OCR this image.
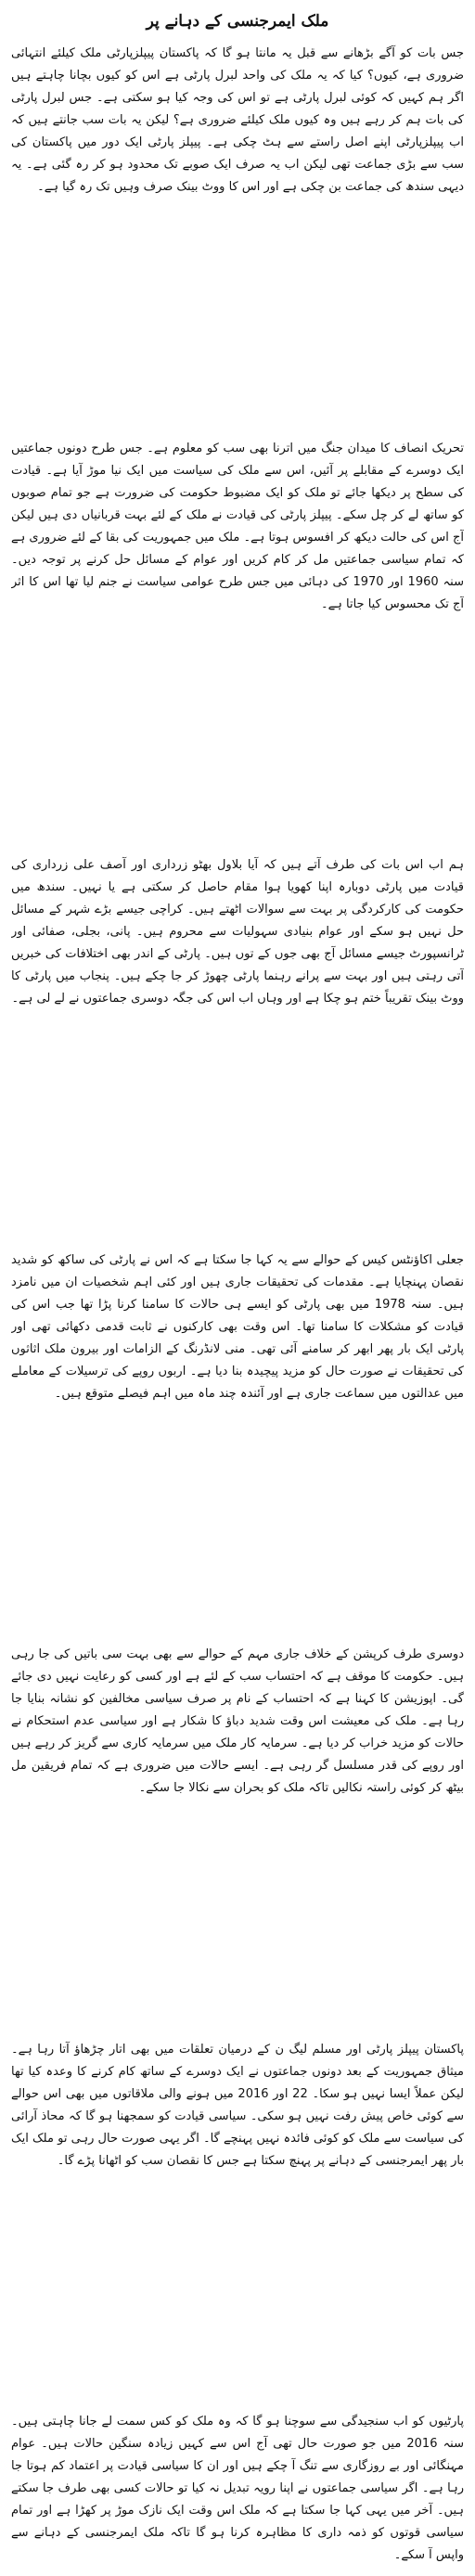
ملک ایمرجنسی کے دہانے پر

جس بات کو آگے بڑھانے سے قبل یہ مانتا ہو گا کہ پاکستان پیپلزپارٹی ملک کیلئے انتہائی ضروری ہے، کیوں؟ کیا کہ یہ ملک کی واحد لبرل پارٹی ہے اس کو کیوں بچانا چاہتے ہیں اگر ہم کہیں کہ کوئی لبرل پارٹی ہے تو اس کی وجہ کیا ہو سکتی ہے۔ جس لبرل پارٹی کی بات ہم کر رہے ہیں وہ کیوں ملک کیلئے ضروری ہے؟ لیکن یہ بات سب جانتے ہیں کہ اب پیپلزپارٹی اپنے اصل راستے سے ہٹ چکی ہے۔ پیپلز پارٹی ایک دور میں پاکستان کی سب سے بڑی جماعت تھی لیکن اب یہ صرف ایک صوبے تک محدود ہو کر رہ گئی ہے۔ یہ دیہی سندھ کی جماعت بن چکی ہے اور اس کا ووٹ بینک صرف وہیں تک رہ گیا ہے۔

تحریک انصاف کا میدان جنگ میں اترنا بھی سب کو معلوم ہے۔ جس طرح دونوں جماعتیں ایک دوسرے کے مقابلے پر آئیں، اس سے ملک کی سیاست میں ایک نیا موڑ آیا ہے۔ قیادت کی سطح پر دیکھا جائے تو ملک کو ایک مضبوط حکومت کی ضرورت ہے جو تمام صوبوں کو ساتھ لے کر چل سکے۔ پیپلز پارٹی کی قیادت نے ملک کے لئے بہت قربانیاں دی ہیں لیکن آج اس کی حالت دیکھ کر افسوس ہوتا ہے۔ ملک میں جمہوریت کی بقا کے لئے ضروری ہے کہ تمام سیاسی جماعتیں مل کر کام کریں اور عوام کے مسائل حل کرنے پر توجہ دیں۔ سنہ 1960 اور 1970 کی دہائی میں جس طرح عوامی سیاست نے جنم لیا تھا اس کا اثر آج تک محسوس کیا جاتا ہے۔

ہم اب اس بات کی طرف آتے ہیں کہ آیا بلاول بھٹو زرداری اور آصف علی زرداری کی قیادت میں پارٹی دوبارہ اپنا کھویا ہوا مقام حاصل کر سکتی ہے یا نہیں۔ سندھ میں حکومت کی کارکردگی پر بہت سے سوالات اٹھتے ہیں۔ کراچی جیسے بڑے شہر کے مسائل حل نہیں ہو سکے اور عوام بنیادی سہولیات سے محروم ہیں۔ پانی، بجلی، صفائی اور ٹرانسپورٹ جیسے مسائل آج بھی جوں کے توں ہیں۔ پارٹی کے اندر بھی اختلافات کی خبریں آتی رہتی ہیں اور بہت سے پرانے رہنما پارٹی چھوڑ کر جا چکے ہیں۔ پنجاب میں پارٹی کا ووٹ بینک تقریباً ختم ہو چکا ہے اور وہاں اب اس کی جگہ دوسری جماعتوں نے لے لی ہے۔

جعلی اکاؤنٹس کیس کے حوالے سے یہ کہا جا سکتا ہے کہ اس نے پارٹی کی ساکھ کو شدید نقصان پہنچایا ہے۔ مقدمات کی تحقیقات جاری ہیں اور کئی اہم شخصیات ان میں نامزد ہیں۔ سنہ 1978 میں بھی پارٹی کو ایسے ہی حالات کا سامنا کرنا پڑا تھا جب اس کی قیادت کو مشکلات کا سامنا تھا۔ اس وقت بھی کارکنوں نے ثابت قدمی دکھائی تھی اور پارٹی ایک بار پھر ابھر کر سامنے آئی تھی۔ منی لانڈرنگ کے الزامات اور بیرون ملک اثاثوں کی تحقیقات نے صورت حال کو مزید پیچیدہ بنا دیا ہے۔ اربوں روپے کی ترسیلات کے معاملے میں عدالتوں میں سماعت جاری ہے اور آئندہ چند ماہ میں اہم فیصلے متوقع ہیں۔

دوسری طرف کرپشن کے خلاف جاری مہم کے حوالے سے بھی بہت سی باتیں کی جا رہی ہیں۔ حکومت کا موقف ہے کہ احتساب سب کے لئے ہے اور کسی کو رعایت نہیں دی جائے گی۔ اپوزیشن کا کہنا ہے کہ احتساب کے نام پر صرف سیاسی مخالفین کو نشانہ بنایا جا رہا ہے۔ ملک کی معیشت اس وقت شدید دباؤ کا شکار ہے اور سیاسی عدم استحکام نے حالات کو مزید خراب کر دیا ہے۔ سرمایہ کار ملک میں سرمایہ کاری سے گریز کر رہے ہیں اور روپے کی قدر مسلسل گر رہی ہے۔ ایسے حالات میں ضروری ہے کہ تمام فریقین مل بیٹھ کر کوئی راستہ نکالیں تاکہ ملک کو بحران سے نکالا جا سکے۔

پاکستان پیپلز پارٹی اور مسلم لیگ ن کے درمیان تعلقات میں بھی اتار چڑھاؤ آتا رہا ہے۔ میثاق جمہوریت کے بعد دونوں جماعتوں نے ایک دوسرے کے ساتھ کام کرنے کا وعدہ کیا تھا لیکن عملاً ایسا نہیں ہو سکا۔ 22 اور 2016 میں ہونے والی ملاقاتوں میں بھی اس حوالے سے کوئی خاص پیش رفت نہیں ہو سکی۔ سیاسی قیادت کو سمجھنا ہو گا کہ محاذ آرائی کی سیاست سے ملک کو کوئی فائدہ نہیں پہنچے گا۔ اگر یہی صورت حال رہی تو ملک ایک بار پھر ایمرجنسی کے دہانے پر پہنچ سکتا ہے جس کا نقصان سب کو اٹھانا پڑے گا۔

پارٹیوں کو اب سنجیدگی سے سوچنا ہو گا کہ وہ ملک کو کس سمت لے جانا چاہتی ہیں۔ سنہ 2016 میں جو صورت حال تھی آج اس سے کہیں زیادہ سنگین حالات ہیں۔ عوام مہنگائی اور بے روزگاری سے تنگ آ چکے ہیں اور ان کا سیاسی قیادت پر اعتماد کم ہوتا جا رہا ہے۔ اگر سیاسی جماعتوں نے اپنا رویہ تبدیل نہ کیا تو حالات کسی بھی طرف جا سکتے ہیں۔ آخر میں یہی کہا جا سکتا ہے کہ ملک اس وقت ایک نازک موڑ پر کھڑا ہے اور تمام سیاسی قوتوں کو ذمہ داری کا مظاہرہ کرنا ہو گا تاکہ ملک ایمرجنسی کے دہانے سے واپس آ سکے۔
